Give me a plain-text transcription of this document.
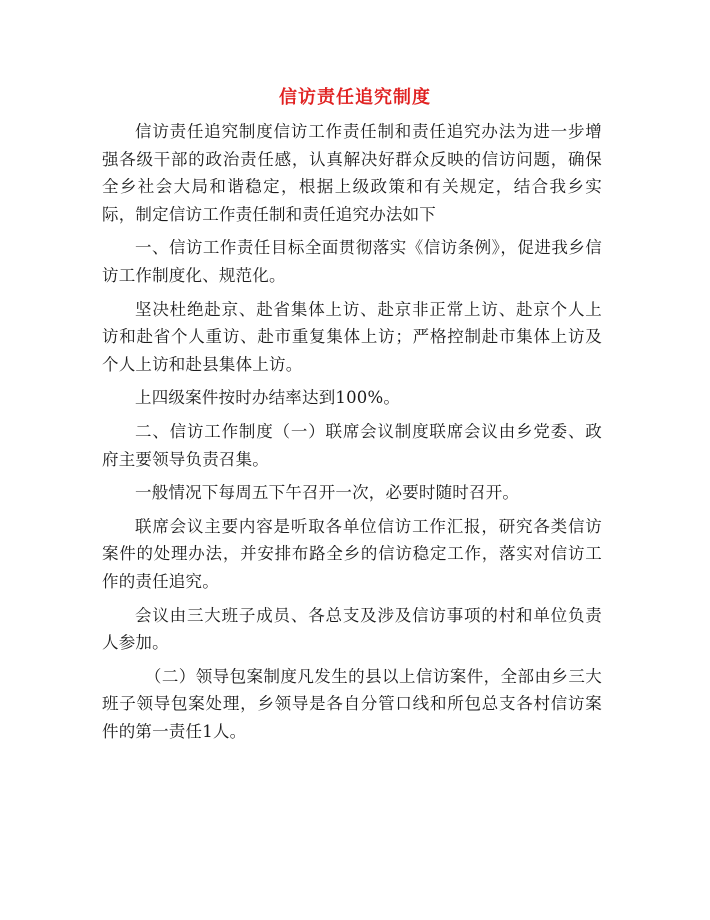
信访责任追究制度

信访责任追究制度信访工作责任制和责任追究办法为进一步增强各级干部的政治责任感，认真解决好群众反映的信访问题，确保全乡社会大局和谐稳定，根据上级政策和有关规定，结合我乡实际，制定信访工作责任制和责任追究办法如下

一、信访工作责任目标全面贯彻落实《信访条例》，促进我乡信访工作制度化、规范化。

坚决杜绝赴京、赴省集体上访、赴京非正常上访、赴京个人上访和赴省个人重访、赴市重复集体上访；严格控制赴市集体上访及个人上访和赴县集体上访。

上四级案件按时办结率达到100%。

二、信访工作制度（一）联席会议制度联席会议由乡党委、政府主要领导负责召集。

一般情况下每周五下午召开一次，必要时随时召开。

联席会议主要内容是听取各单位信访工作汇报，研究各类信访案件的处理办法，并安排布路全乡的信访稳定工作，落实对信访工作的责任追究。

会议由三大班子成员、各总支及涉及信访事项的村和单位负责人参加。

（二）领导包案制度凡发生的县以上信访案件，全部由乡三大班子领导包案处理，乡领导是各自分管口线和所包总支各村信访案件的第一责任1人。
